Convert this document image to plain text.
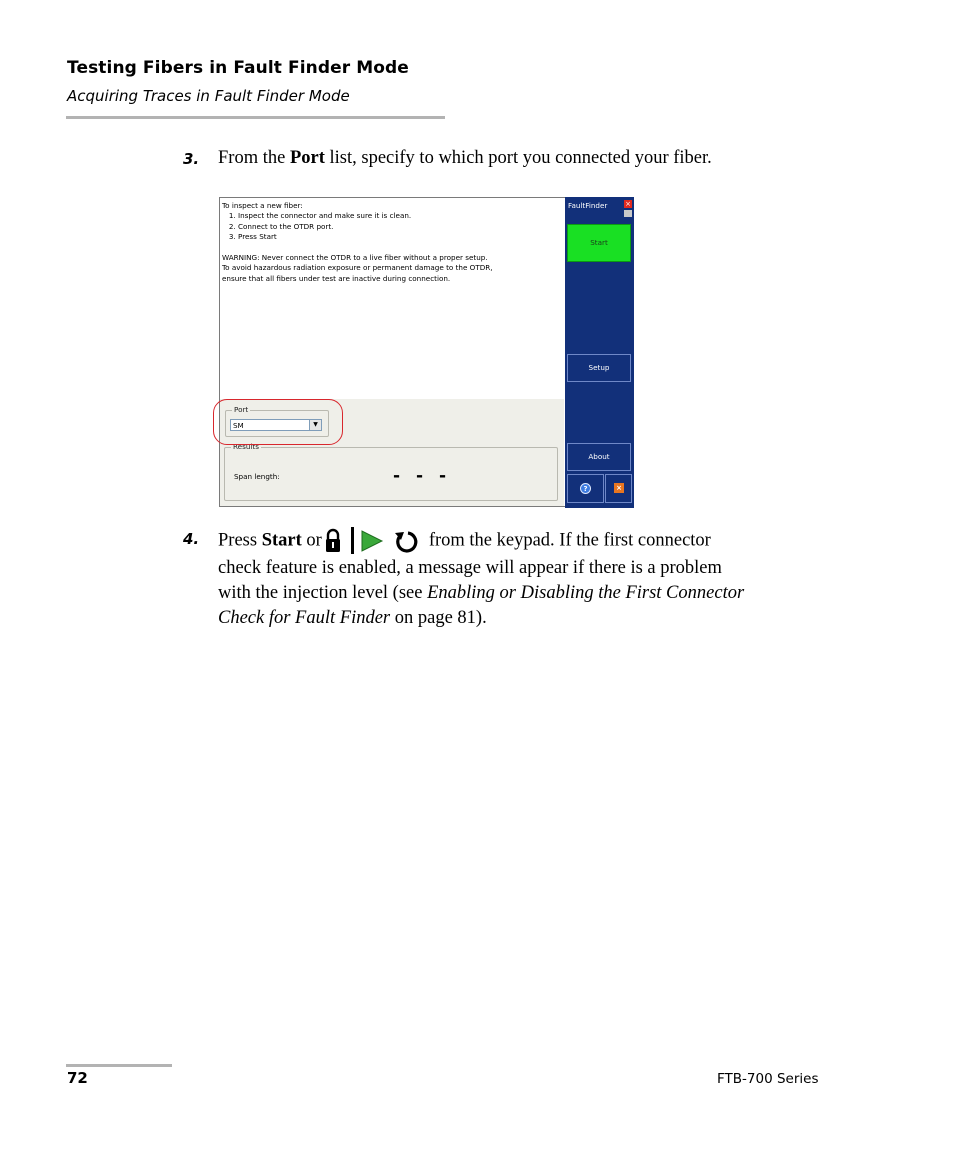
Testing Fibers in Fault Finder Mode
Acquiring Traces in Fault Finder Mode
3. From the Port list, specify to which port you connected your fiber.
To inspect a new fiber:
1. Inspect the connector and make sure it is clean.
2. Connect to the OTDR port.
3. Press Start

WARNING: Never connect the OTDR to a live fiber without a proper setup.
To avoid hazardous radiation exposure or permanent damage to the OTDR,
ensure that all fibers under test are inactive during connection.
Port
SM	▼
Results
Span length:	- - -
FaultFinder	×
Start
Setup
About
?	×
4. Press Start or	from the keypad. If the first connector
check feature is enabled, a message will appear if there is a problem
with the injection level (see Enabling or Disabling the First Connector
Check for Fault Finder on page 81).
72	FTB-700 Series
